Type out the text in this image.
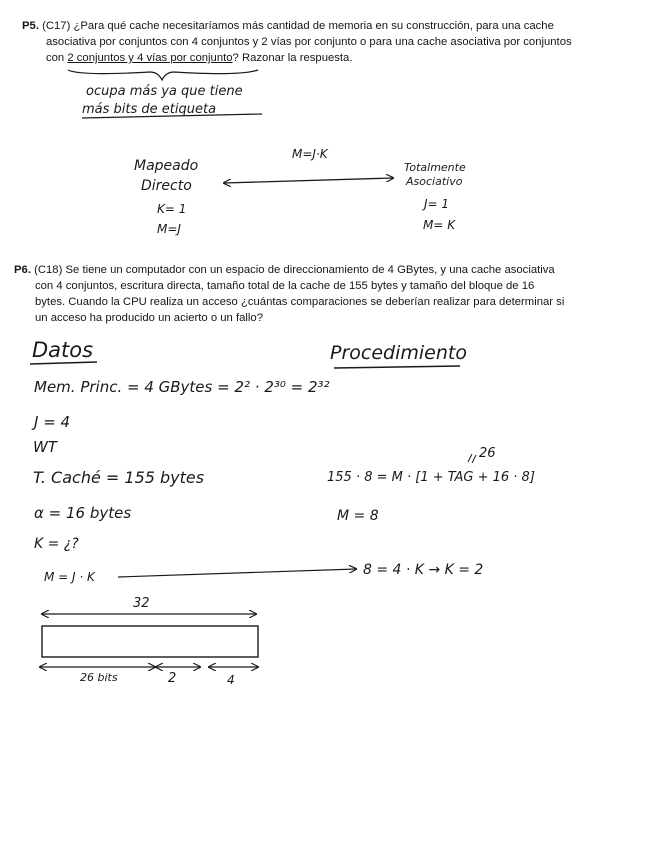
P5. (C17) ¿Para qué cache necesitaríamos más cantidad de memoria en su construcción, para una cache
asociativa por conjuntos con 4 conjuntos y 2 vías por conjunto o para una cache asociativa por conjuntos
con 2 conjuntos y 4 vías por conjunto? Razonar la respuesta.
ocupa más ya que tiene
más bits de etiqueta
Mapeado
Directo
K= 1
M=J
M=J·K
Totalmente
Asociativo
J= 1
M= K
P6. (C18) Se tiene un computador con un espacio de direccionamiento de 4 GBytes, y una cache asociativa
con 4 conjuntos, escritura directa, tamaño total de la cache de 155 bytes y tamaño del bloque de 16
bytes. Cuando la CPU realiza un acceso ¿cuántas comparaciones se deberían realizar para determinar si
un acceso ha producido un acierto o un fallo?
Datos	Procedimiento
Mem. Princ. = 4 GBytes = 2² · 2³⁰ = 2³²
J = 4
WT
T. Caché = 155 bytes
α = 16 bytes
K = ¿?
M = J · K
26
155 · 8 = M · [1 + TAG + 16 · 8]
M = 8
8 = 4 · K → K = 2
32
26 bits	2	4
